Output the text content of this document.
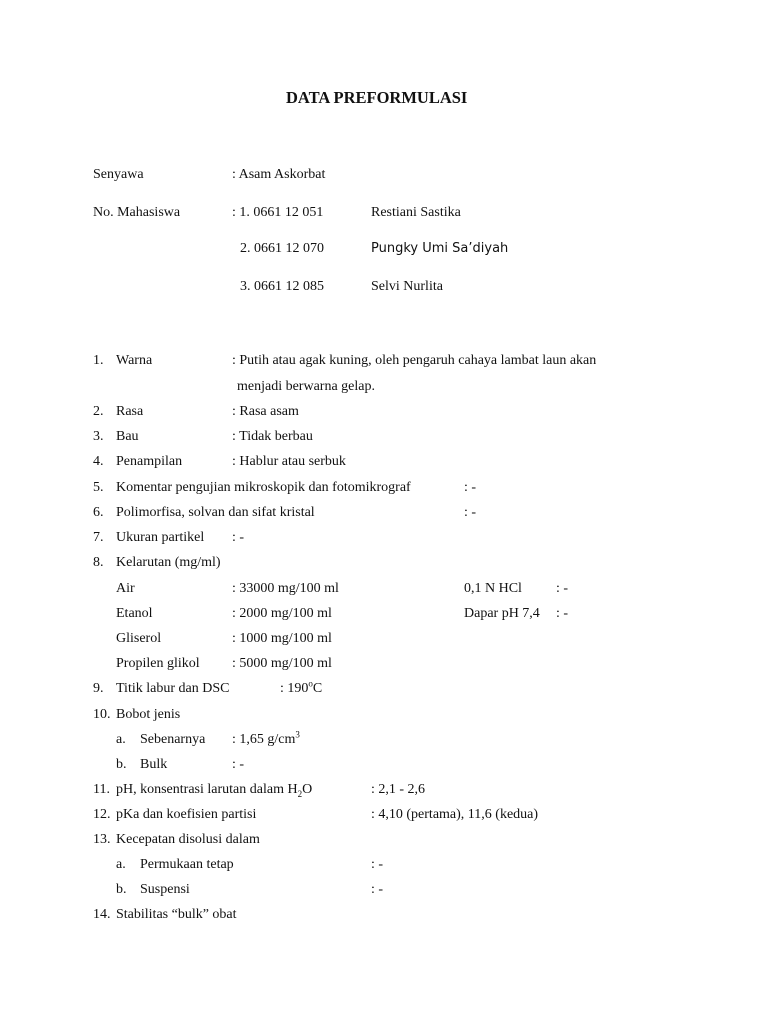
DATA PREFORMULASI
Senyawa	: Asam Askorbat
No. Mahasiswa	: 1. 0661 12 051	Restiani Sastika
2. 0661 12 070	Pungky Umi Sa’diyah
3. 0661 12 085	Selvi Nurlita
1. Warna	: Putih atau agak kuning, oleh pengaruh cahaya lambat laun akan
menjadi berwarna gelap.
2. Rasa	: Rasa asam
3. Bau	: Tidak berbau
4. Penampilan	: Hablur atau serbuk
5. Komentar pengujian mikroskopik dan fotomikrograf	: -
6. Polimorfisa, solvan dan sifat kristal	: -
7. Ukuran partikel : -
8. Kelarutan (mg/ml)
Air	: 33000 mg/100 ml	0,1 N HCl : -
Etanol	: 2000 mg/100 ml	Dapar pH 7,4 : -
Gliserol	: 1000 mg/100 ml
Propilen glikol : 5000 mg/100 ml
9. Titik labur dan DSC	: 190$^o$C
10. Bobot jenis
a. Sebenarnya : 1,65 $g/cm^3$
b. Bulk	: -
11. pH, konsentrasi larutan dalam $H_2O$	: 2,1 - 2,6
12. pKa dan koefisien partisi	: 4,10 (pertama), 11,6 (kedua)
13. Kecepatan disolusi dalam
a. Permukaan tetap	: -
b. Suspensi	: -
14. Stabilitas “bulk” obat
